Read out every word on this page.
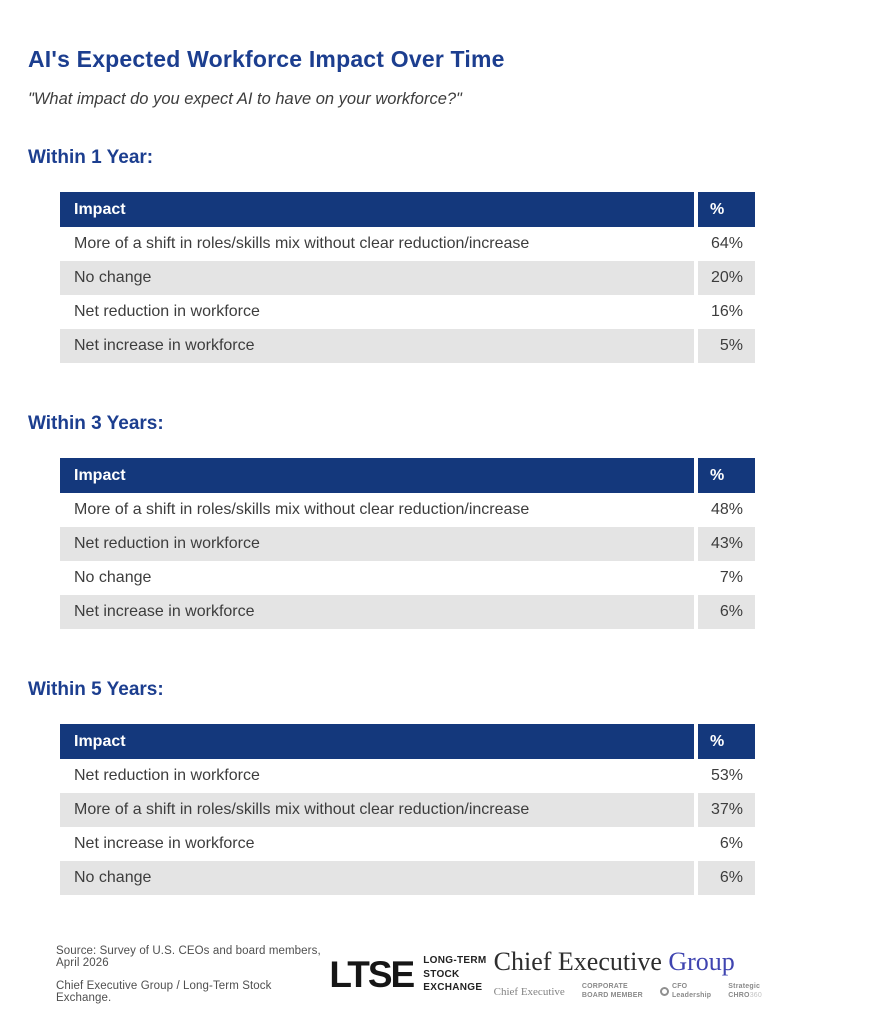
AI's Expected Workforce Impact Over Time

"What impact do you expect AI to have on your workforce?"

Within 1 Year:
Impact	%
More of a shift in roles/skills mix without clear reduction/increase	64%
No change	20%
Net reduction in workforce	16%
Net increase in workforce	5%
Within 3 Years:
Impact	%
More of a shift in roles/skills mix without clear reduction/increase	48%
Net reduction in workforce	43%
No change	7%
Net increase in workforce	6%
Within 5 Years:
Impact	%
Net reduction in workforce	53%
More of a shift in roles/skills mix without clear reduction/increase	37%
Net increase in workforce	6%
No change	6%
Source: Survey of U.S. CEOs and board members, April 2026
Chief Executive Group / Long-Term Stock Exchange.
LTSE LONG-TERM
STOCK EXCHANGE
Chief Executive Group
Chief Executive CORPORATE
BOARD MEMBER
CFO
Leadership
Strategic
CHRO360
